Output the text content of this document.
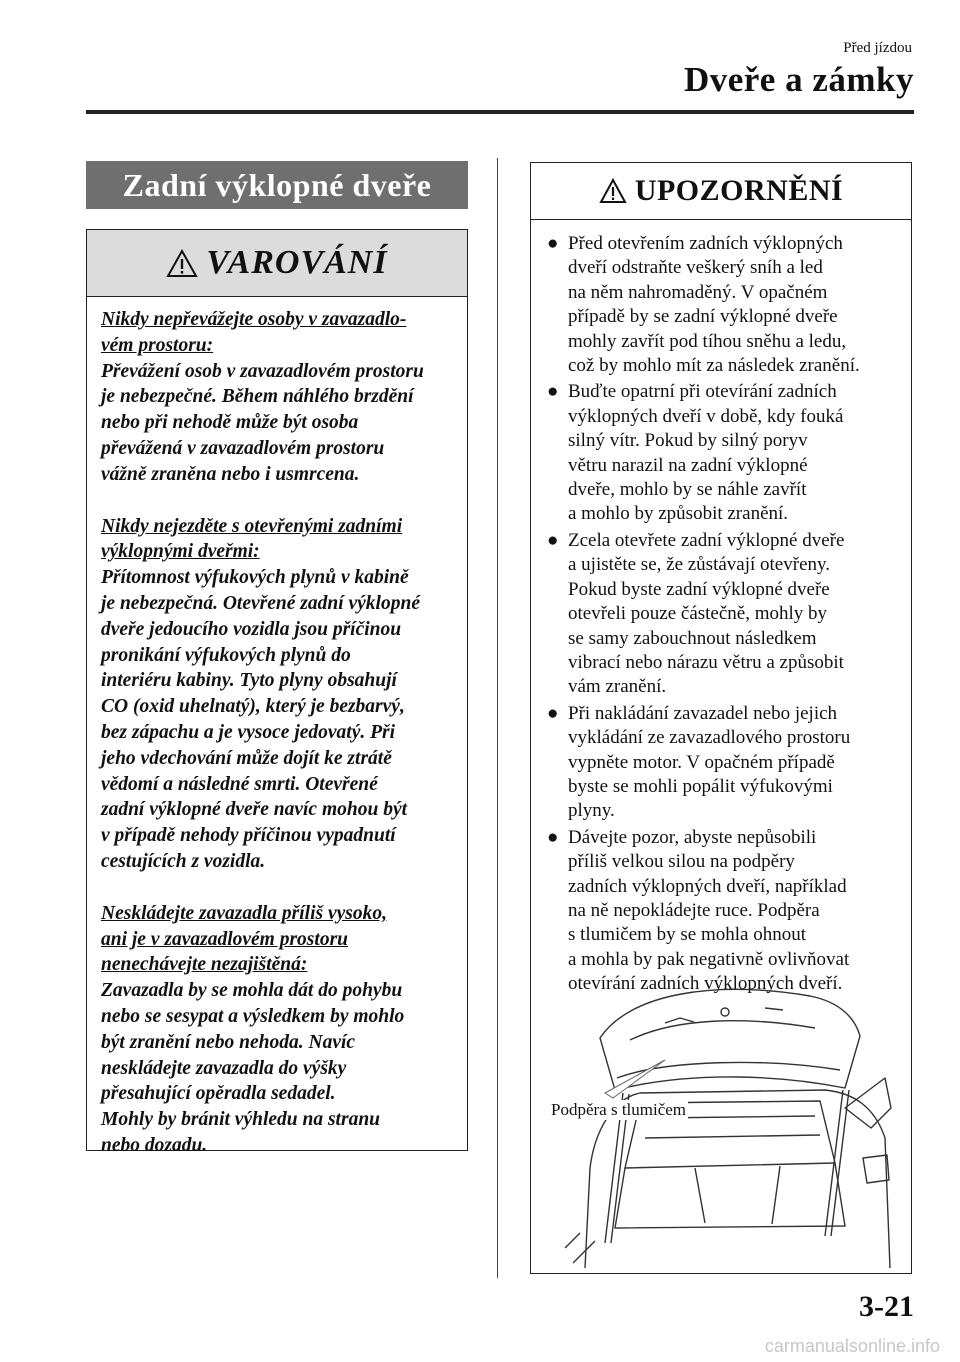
Před jízdou
Dveře a zámky
Zadní výklopné dveře
VAROVÁNÍ
Nikdy nepřevážejte osoby v zavazadlo-
vém prostoru:
Převážení osob v zavazadlovém prostoru
je nebezpečné. Během náhlého brzdění
nebo při nehodě může být osoba
převážená v zavazadlovém prostoru
vážně zraněna nebo i usmrcena.
Nikdy nejezděte s otevřenými zadními
výklopnými dveřmi:
Přítomnost výfukových plynů v kabině
je nebezpečná. Otevřené zadní výklopné
dveře jedoucího vozidla jsou příčinou
pronikání výfukových plynů do
interiéru kabiny. Tyto plyny obsahují
CO (oxid uhelnatý), který je bezbarvý,
bez zápachu a je vysoce jedovatý. Při
jeho vdechování může dojít ke ztrátě
vědomí a následné smrti. Otevřené
zadní výklopné dveře navíc mohou být
v případě nehody příčinou vypadnutí
cestujících z vozidla.
Neskládejte zavazadla příliš vysoko,
ani je v zavazadlovém prostoru
nenechávejte nezajištěná:
Zavazadla by se mohla dát do pohybu
nebo se sesypat a výsledkem by mohlo
být zranění nebo nehoda. Navíc
neskládejte zavazadla do výšky
přesahující opěradla sedadel.
Mohly by bránit výhledu na stranu
nebo dozadu.
UPOZORNĚNÍ
● Před otevřením zadních výklopných
dveří odstraňte veškerý sníh a led
na něm nahromaděný. V opačném
případě by se zadní výklopné dveře
mohly zavřít pod tíhou sněhu a ledu,
což by mohlo mít za následek zranění.
● Buďte opatrní při otevírání zadních
výklopných dveří v době, kdy fouká
silný vítr. Pokud by silný poryv
větru narazil na zadní výklopné
dveře, mohlo by se náhle zavřít
a mohlo by způsobit zranění.
● Zcela otevřete zadní výklopné dveře
a ujistěte se, že zůstávají otevřeny.
Pokud byste zadní výklopné dveře
otevřeli pouze částečně, mohly by
se samy zabouchnout následkem
vibrací nebo nárazu větru a způsobit
vám zranění.
● Při nakládání zavazadel nebo jejich
vykládání ze zavazadlového prostoru
vypněte motor. V opačném případě
byste se mohli popálit výfukovými
plyny.
● Dávejte pozor, abyste nepůsobili
příliš velkou silou na podpěry
zadních výklopných dveří, například
na ně nepokládejte ruce. Podpěra
s tlumičem by se mohla ohnout
a mohla by pak negativně ovlivňovat
otevírání zadních výklopných dveří.
Podpěra s tlumičem
3-21
carmanualsonline.info
